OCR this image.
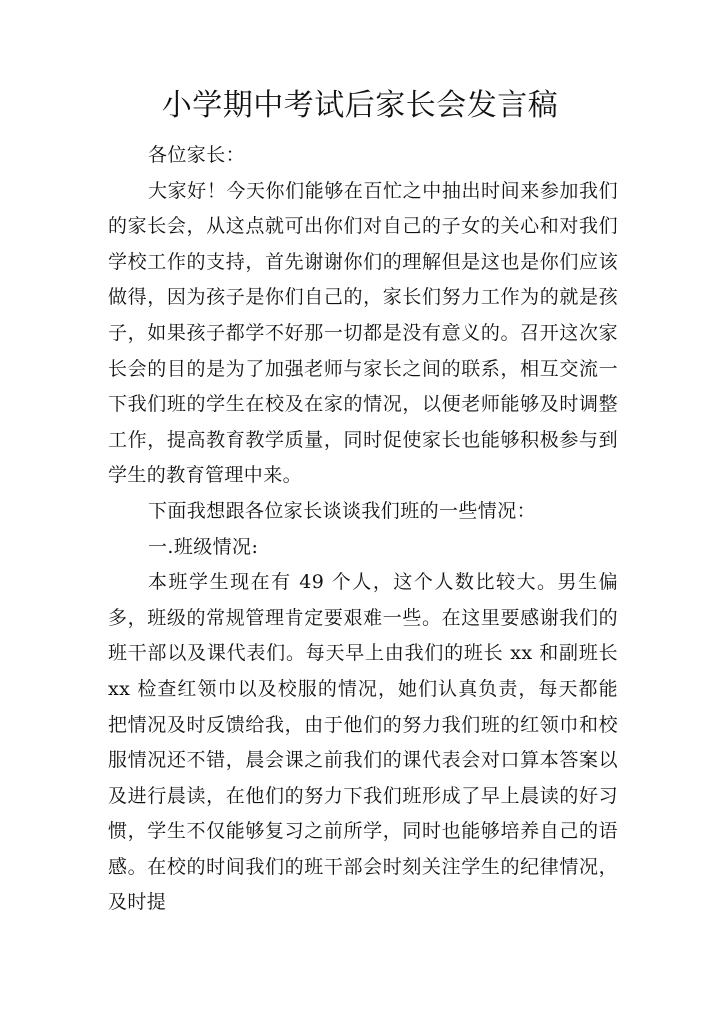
小学期中考试后家长会发言稿

各位家长：

大家好！今天你们能够在百忙之中抽出时间来参加我们的家长会，从这点就可出你们对自己的子女的关心和对我们学校工作的支持，首先谢谢你们的理解但是这也是你们应该做得，因为孩子是你们自己的，家长们努力工作为的就是孩子，如果孩子都学不好那一切都是没有意义的。召开这次家长会的目的是为了加强老师与家长之间的联系，相互交流一下我们班的学生在校及在家的情况，以便老师能够及时调整工作，提高教育教学质量，同时促使家长也能够积极参与到学生的教育管理中来。

下面我想跟各位家长谈谈我们班的一些情况：

一.班级情况:

本班学生现在有 49 个人，这个人数比较大。男生偏多，班级的常规管理肯定要艰难一些。在这里要感谢我们的班干部以及课代表们。每天早上由我们的班长 xx 和副班长 xx 检查红领巾以及校服的情况，她们认真负责，每天都能把情况及时反馈给我，由于他们的努力我们班的红领巾和校服情况还不错，晨会课之前我们的课代表会对口算本答案以及进行晨读，在他们的努力下我们班形成了早上晨读的好习惯，学生不仅能够复习之前所学，同时也能够培养自己的语感。在校的时间我们的班干部会时刻关注学生的纪律情况，及时提
